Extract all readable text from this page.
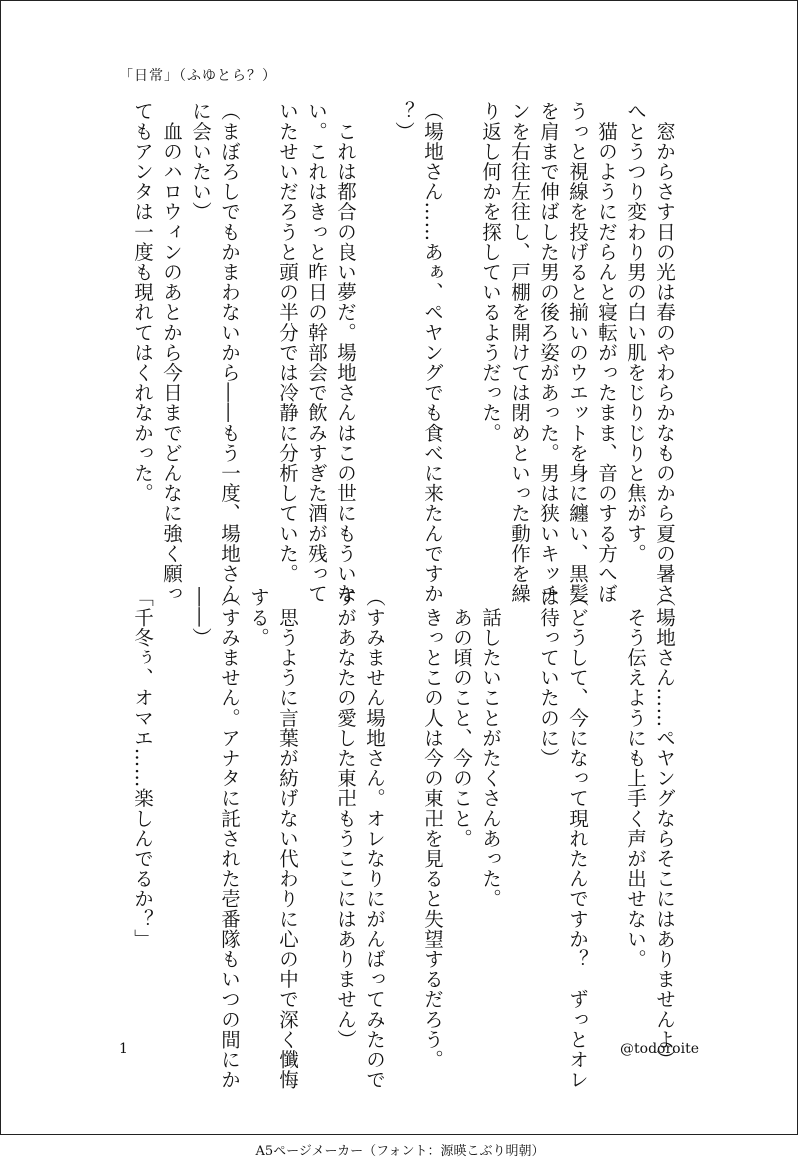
「日常」（ふゆとら？）

　窓からさす日の光は春のやわらかなものから夏の暑さ

へとうつり変わり男の白い肌をじりじりと焦がす。

　猫のようにだらんと寝転がったまま、音のする方へぼ

うっと視線を投げると揃いのウエットを身に纏い、黒髪

を肩まで伸ばした男の後ろ姿があった。男は狭いキッチ

ンを右往左往し、戸棚を開けては閉めといった動作を繰

り返し何かを探しているようだった。

（場地さん……あぁ、ペヤングでも食べに来たんですか

？）

　これは都合の良い夢だ。場地さんはこの世にもういな

い。これはきっと昨日の幹部会で飲みすぎた酒が残って

いたせいだろうと頭の半分では冷静に分析していた。

（まぼろしでもかまわないから――もう一度、場地さん

に会いたい）

　血のハロウィンのあとから今日までどんなに強く願っ

てもアンタは一度も現れてはくれなかった。

（場地さん……ペヤングならそこにはありませんよ）

　そう伝えようにも上手く声が出せない。

（どうして、今になって現れたんですか？　ずっとオレ

は待っていたのに）

　話したいことがたくさんあった。

　あの頃のこと、今のこと。

　きっとこの人は今の東卍を見ると失望するだろう。

（すみません場地さん。オレなりにがんばってみたので

すがあなたの愛した東卍もうここにはありません）

　思うように言葉が紡げない代わりに心の中で深く懺悔

する。

（すみません。アナタに託された壱番隊もいつの間にか

――）

「千冬ぅ、オマエ……楽しんでるか？」

1	@todoroite
A5ページメーカー（フォント：源暎こぶり明朝）
